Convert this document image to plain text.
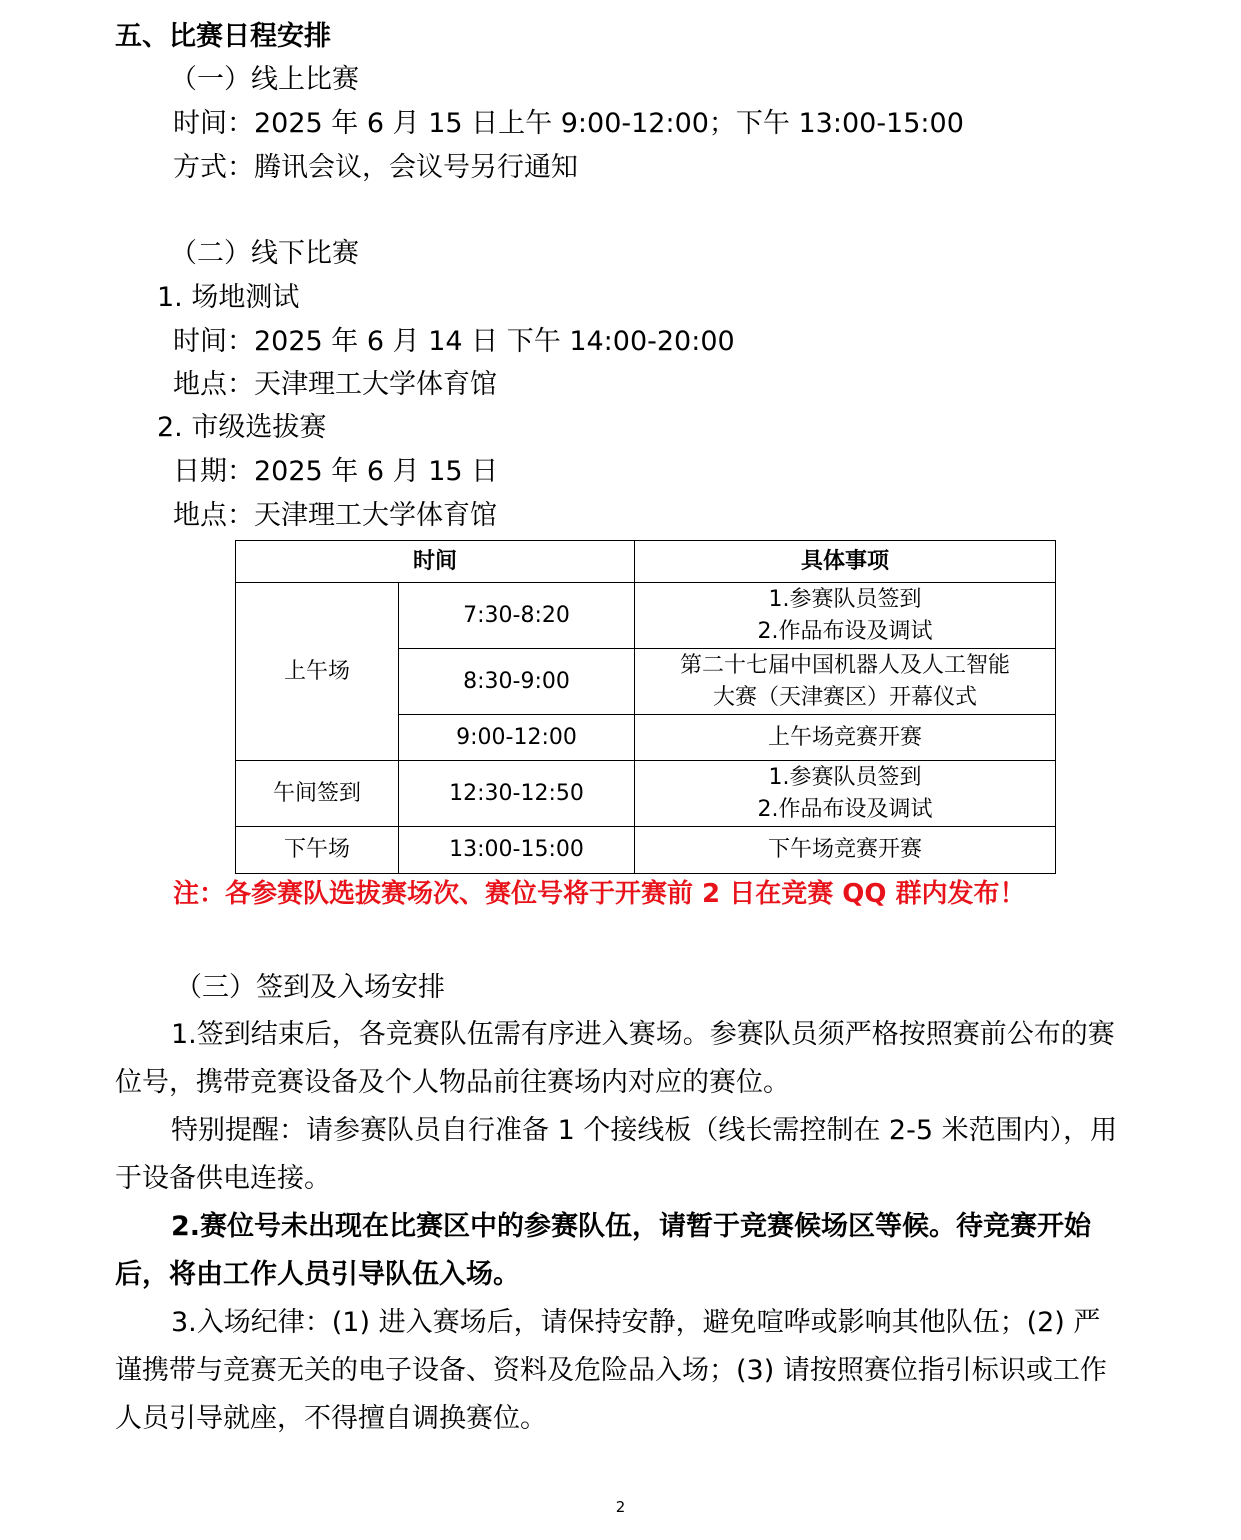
五、比赛日程安排
（一）线上比赛
时间：2025 年 6 月 15 日上午 9:00-12:00；下午 13:00-15:00
方式：腾讯会议，会议号另行通知
（二）线下比赛
1. 场地测试
时间：2025 年 6 月 14 日 下午 14:00-20:00
地点：天津理工大学体育馆
2. 市级选拔赛
日期：2025 年 6 月 15 日
地点：天津理工大学体育馆
时间		具体事项
上午场	7:30-8:20	1.参赛队员签到
2.作品布设及调试

	8:30-9:00	第二十七届中国机器人及人工智能
大赛（天津赛区）开幕仪式

	9:00-12:00	上午场竞赛开赛
午间签到	12:30-12:50	1.参赛队员签到
2.作品布设及调试

下午场	13:00-15:00	下午场竞赛开赛
注：各参赛队选拔赛场次、赛位号将于开赛前 2 日在竞赛 QQ 群内发布！
（三）签到及入场安排

1.签到结束后，各竞赛队伍需有序进入赛场。参赛队员须严格按照赛前公布的赛位号，携带竞赛设备及个人物品前往赛场内对应的赛位。

特别提醒：请参赛队员自行准备 1 个接线板（线长需控制在 2-5 米范围内），用于设备供电连接。

2.赛位号未出现在比赛区中的参赛队伍，请暂于竞赛候场区等候。待竞赛开始后，将由工作人员引导队伍入场。

3.入场纪律：(1) 进入赛场后，请保持安静，避免喧哗或影响其他队伍；(2) 严谨携带与竞赛无关的电子设备、资料及危险品入场；(3) 请按照赛位指引标识或工作人员引导就座，不得擅自调换赛位。

2
